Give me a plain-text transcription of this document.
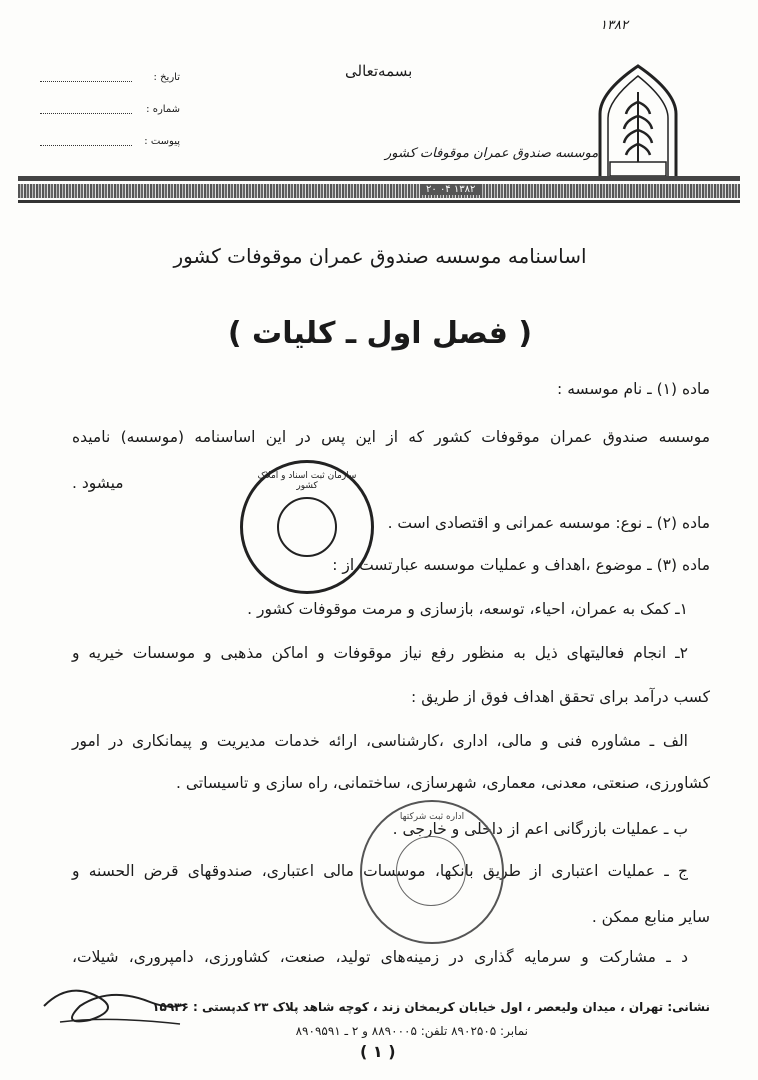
۱۳۸۲
تاریخ :
شماره :
پیوست :
بسمه‌تعالی
موسسه صندوق عمران موقوفات کشور
۱۳۸۲ ۰۴ ۲۰
اساسنامه موسسه صندوق عمران موقوفات کشور
( فصل اول ـ کلیات )
ماده (۱) ـ نام موسسه :
موسسه صندوق عمران موقوفات کشور که از این پس در این اساسنامه (موسسه) نامیده
میشود .
ماده (۲) ـ نوع: موسسه عمرانی و اقتصادی است .
ماده (۳) ـ موضوع ،اهداف و عملیات موسسه عبارتست از :
۱ـ کمک به عمران، احیاء، توسعه، بازسازی و مرمت موقوفات کشور .
۲ـ انجام فعالیتهای ذیل به منظور رفع نیاز موقوفات و اماکن مذهبی و موسسات خیریه و
کسب درآمد برای تحقق اهداف فوق از طریق :
الف ـ مشاوره فنی و مالی، اداری ،کارشناسی، ارائه خدمات مدیریت و پیمانکاری در امور
کشاورزی، صنعتی، معدنی، معماری، شهرسازی، ساختمانی، راه سازی و تاسیساتی .
ب ـ عملیات بازرگانی اعم از داخلی و خارجی .
ج ـ عملیات اعتباری از طریق بانکها، موسسات مالی اعتباری، صندوقهای قرض الحسنه و
سایر منابع ممکن .
د ـ مشارکت و سرمایه گذاری در زمینه‌های تولید، صنعت، کشاورزی، دامپروری، شیلات،
سازمان ثبت اسناد و املاک کشور
اداره ثبت شرکتها
نشانی: تهران ، میدان ولیعصر ، اول خیابان کریمخان زند ، کوچه شاهد پلاک ۲۳ کدپستی : ۱۵۹۳۶
نمابر: ۸۹۰۲۵۰۵ تلفن: ۸۸۹۰۰۰۵ و ۲ ـ ۸۹۰۹۵۹۱
( ۱ )
